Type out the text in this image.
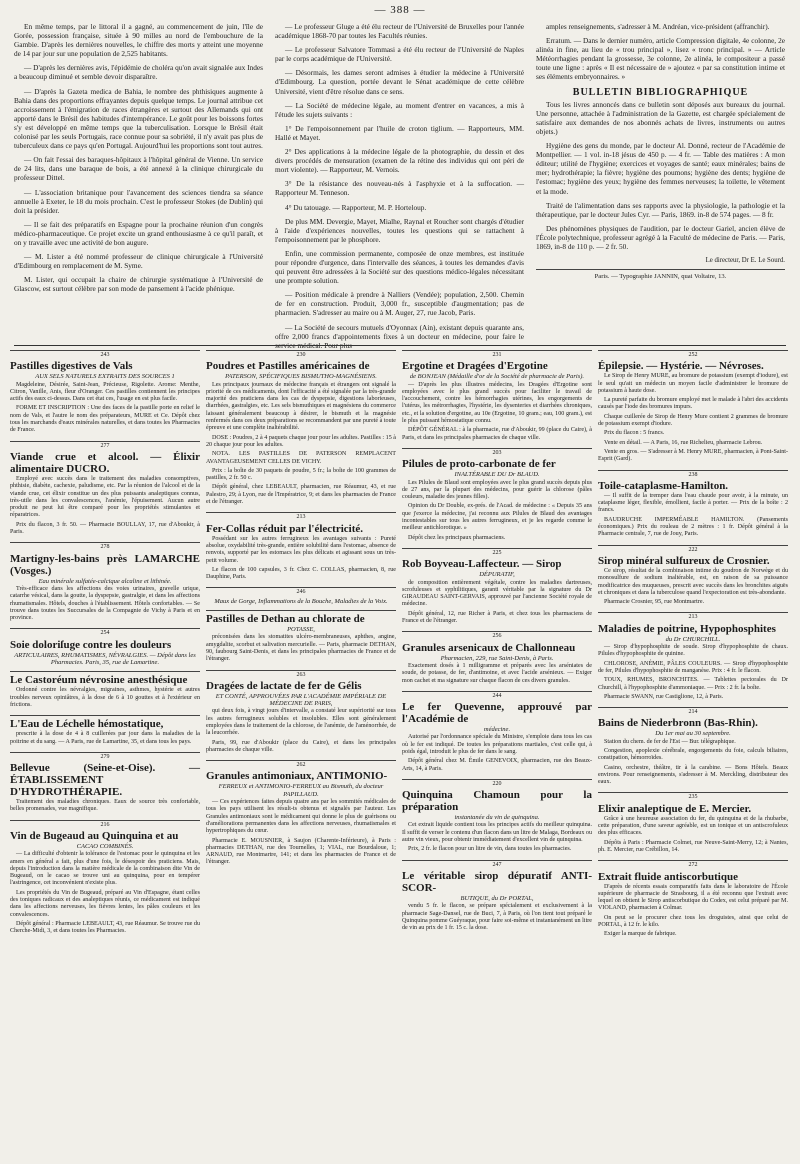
— 388 —

En même temps, par le littoral il a gagné, au commencement de juin, l'île de Gorée, possession française, située à 90 milles au nord de l'embouchure de la Gambie. D'après les dernières nouvelles, le chiffre des morts y atteint une moyenne de 14 par jour sur une population de 2,525 habitants.

— D'après les dernières avis, l'épidémie de choléra qu'on avait signalée aux Indes a beaucoup diminué et semble devoir disparaître.

— D'après la Gazeta medica de Bahia, le nombre des phthisiques augmente à Bahia dans des proportions effrayantes depuis quelque temps. Le journal attribue cet accroissement à l'émigration de races étrangères et surtout des Allemands qui ont apporté dans le Brésil des habitudes d'intempérance. Le goût pour les boissons fortes s'y est développé en même temps que la tuberculisation. Lorsque le Brésil était colonisé par les seuls Portugais, race connue pour sa sobriété, il n'y avait pas plus de tuberculeux dans ce pays qu'en Portugal. Aujourd'hui les proportions sont tout autres.

— On fait l'essai des baraques-hôpitaux à l'hôpital général de Vienne. Un service de 24 lits, dans une baraque de bois, a été annexé à la clinique chirurgicale du professeur Dittel.

— L'association britanique pour l'avancement des sciences tiendra sa séance annuelle à Exeter, le 18 du mois prochain. C'est le professeur Stokes (de Dublin) qui doit la présider.

— Il se fait des préparatifs en Espagne pour la prochaine réunion d'un congrès médico-pharmaceutique. Ce projet excite un grand enthousiasme à ce qu'il paraît, et on y travaille avec une activité de bon augure.

— M. Lister a été nommé professeur de clinique chirurgicale à l'Université d'Edimbourg en remplacement de M. Syme.

M. Lister, qui occupait la chaire de chirurgie systématique à l'Université de Glascow, est surtout célèbre par son mode de pansement à l'acide phénique.

— Le professeur Gluge a été élu recteur de l'Université de Bruxelles pour l'année académique 1868-70 par toutes les Facultés réunies.

— Le professeur Salvatore Tommasi a été élu recteur de l'Université de Naples par le corps académique de l'Université.

— Désormais, les dames seront admises à étudier la médecine à l'Université d'Edimbourg. La question, portée devant le Sénat académique de cette célèbre Université, vient d'être résolue dans ce sens.

— La Société de médecine légale, au moment d'entrer en vacances, a mis à l'étude les sujets suivants :

1° De l'empoisonnement par l'huile de croton tiglium. — Rapporteurs, MM. Hallé et Mayet.

2° Des applications à la médecine légale de la photographie, du dessin et des divers procédés de mensuration (examen de la rétine des individus qui ont péri de mort violente). — Rapporteur, M. Vernois.

3° De la résistance des nouveau-nés à l'asphyxie et à la suffocation. — Rapporteur M. Tenneson.

4° Du tatouage. — Rapporteur, M. P. Horteloup.

De plus MM. Devergie, Mayet, Mialhe, Raynal et Roucher sont chargés d'étudier à l'aide d'expériences nouvelles, toutes les questions qui se rattachent à l'empoisonnement par le phosphore.

Enfin, une commission permanente, composée de onze membres, est instituée pour répondre d'urgence, dans l'intervalle des séances, à toutes les demandes d'avis qui peuvent être adressées à la Société sur des questions médico-légales nécessitant une prompte solution.

— Position médicale à prendre à Nalliers (Vendée); population, 2,500. Chemin de fer en construction. Produit, 3,000 fr., susceptible d'augmentation; pas de pharmacien. S'adresser au maire ou à M. Auger, 27, rue Jacob, Paris.

— La Société de secours mutuels d'Oyonnax (Ain), existant depuis quarante ans, offre 2,000 francs d'appointements fixes à un docteur en médecine, pour faire le service médical. Pour plus

amples renseignements, s'adresser à M. Andréan, vice-président (affranchir).

Erratum. — Dans le dernier numéro, article Compression digitale, 4e colonne, 2e alinéa in fine, au lieu de « trou principal », lisez « tronc principal. » — Article Météorrhagies pendant la grossesse, 3e colonne, 2e alinéa, le compositeur a passé toute une ligne : après « Il est nécessaire de » ajoutez « par sa constitution intime et ses éléments embryonnaires. »

BULLETIN BIBLIOGRAPHIQUE

Tous les livres annoncés dans ce bulletin sont déposés aux bureaux du journal. Une personne, attachée à l'administration de la Gazette, est chargée spécialement de satisfaire aux demandes de nos abonnés achats de livres, instruments ou autres objets.)

Hygiène des gens du monde, par le docteur Al. Donné, recteur de l'Académie de Montpellier. — 1 vol. in-18 jésus de 450 p. — 4 fr. — Table des matières : A mon éditeur; utilité de l'hygiène; exercices et voyages de santé; eaux minérales; bains de mer; hydrothérapie; la fièvre; hygiène des poumons; hygiène des dents; hygiène de l'estomac; hygiène des yeux; hygiène des femmes nerveuses; la toilette, le vêtement et la mode.

Traité de l'alimentation dans ses rapports avec la physiologie, la pathologie et la thérapeutique, par le docteur Jules Cyr. — Paris, 1869. in-8 de 574 pages. — 8 fr.

Des phénomènes physiques de l'audition, par le docteur Gariel, ancien élève de l'École polytechnique, professeur agrégé à la Faculté de médecine de Paris. — Paris, 1869, in-8 de 110 p. — 2 fr. 50.

Le directeur, Dr E. Le Sourd.
Paris. — Typographie JANNIN, quai Voltaire, 13.
243
Pastilles digestives de Vals
AUX SELS NATURELS EXTRAITS DES SOURCES 1

Magdeleine, Désirée, Saint-Jean, Précieuse, Rigolette. Arome: Menthe, Citron, Vanille, Anis, fleur d'Oranger. Ces pastilles contiennent les principes actifs des eaux ci-dessus. Dans cet état ces, l'usage en est plus facile.

FORME ET INSCRIPTION : Une des faces de la pastille porte en relief le nom de Vals, et l'autre le nom des préparateurs, MURE et Ce. Dépôt chez tous les marchands d'eaux minérales naturelles, et dans toutes les Pharmacies de France.

277
Viande crue et alcool. — Élixir alimentaire DUCRO.

Employé avec succès dans le traitement des maladies consomptives, phthisie, diabète, cachexie, paludisme, etc. Par la réunion de l'alcool et de la viande crue, cet élixir constitue un des plus puissants analeptiques connus, très-utile dans les convalescences, l'anémie, l'épuisement. Aucun autre produit ne peut lui être comparé pour les propriétés stimulantes et réparatrices.

Prix du flacon, 3 fr. 50. — Pharmacie BOULLAY, 17, rue d'Aboukir, à Paris.

278
Martigny-les-bains près LAMARCHE (Vosges.)
Eau minérale sulfatée-calcique alcaline et lithinée.

Très-efficace dans les affections des voies urinaires, gravelle urique, catarrhe vésical, dans la goutte, la dyspepsie, gastralgie, et dans les affections rhumatismales. Hôtels, douches à l'établissement. Hôtels confortables. — Se trouve dans toutes les Succursales de la Compagnie de Vichy à Paris et en province.

254
Soie doloriſuge contre les douleurs
ARTICULAIRES, RHUMATISMES, NÉVRALGIES. — Dépôt dans les Pharmacies. Paris, 35, rue de Lamartine.
Le Castoréum névrosine anesthésique

Ordonné contre les névralgies, migraines, asthmes, hystérie et autres troubles nerveux opiniâtres, à la dose de 6 à 10 gouttes et à l'extérieur en frictions.

L'Eau de Léchelle hémostatique,

prescrite à la dose de 4 à 8 cuillerées par jour dans la maladies de la poitrine et du sang. — A Paris, rue de Lamartine, 35, et dans tous les pays.

279
Bellevue (Seine-et-Oise). — ÉTABLISSEMENT D'HYDROTHÉRAPIE.

Traitement des maladies chroniques. Eaux de source très confortable, belles promenades, vue magnifique.

216
Vin de Bugeaud au Quinquina et au
CACAO COMBINÉS.

— La difficulté d'obtenir la tolérance de l'estomac pour le quinquina et les amers en général a fait, plus d'une fois, le désespoir des praticiens. Mais, depuis l'introduction dans la matière médicale de la combinaison dite Vin de Bugeaud, on le cacao se trouve uni au quinquina, pour en tempérer l'astringence, cet inconvénient n'existe plus.

Les propriétés du Vin de Bugeaud, préparé au Vin d'Espagne, étant celles des toniques radicaux et des analeptiques réunis, ce médicament est indiqué dans les affections nerveuses, les fièvres lentes, les pâles couleurs et les convalescences.

Dépôt général : Pharmacie LEBEAULT, 43, rue Réaumur. Se trouve rue du Cherche-Midi, 3, et dans toutes les Pharmacies.

230
Poudres et Pastilles américaines de
PATERSON, SPÉCIFIQUES BISMUTHO-MAGNÉSIENS.

Les principaux journaux de médecine français et étrangers ont signalé la priorité de ces médicaments, dont l'efficacité a été signalée par la très-grande majorité des praticiens dans les cas de dyspepsie, digestions laborieuses, diarrhées, gastralgies, etc. Les sels bismuthiques et magnésiens du commerce laissant généralement beaucoup à désirer, le bismuth et la magnésie renfermés dans ces deux préparations se recommandent par une pureté à toute épreuve et une complète inaltérabilité.

DOSE : Poudres, 2 à 4 paquets chaque jour pour les adultes. Pastilles : 15 à 20 chaque jour pour les adultes.

NOTA. LES PASTILLES DE PATERSON REMPLACENT AVANTAGEUSEMENT CELLES DE VICHY.

Prix : la boîte de 30 paquets de poudre, 5 fr.; la boîte de 100 grammes de pastilles, 2 fr. 50 c.

Dépôt général, chez LEBEAULT, pharmacien, rue Réaumur, 43, et rue Palestro, 29; à Lyon, rue de l'Impératrice, 9; et dans les pharmacies de France et de l'étranger.

213
Fer-Collas réduit par l'électricité.

Possédant sur les autres ferrugineux les avantages suivants : Pureté absolue, oxydabilité très-grande, entière solubilité dans l'estomac, absence de renvois, supporté par les estomacs les plus délicats et agissant sous un très-petit volume.

Le flacon de 100 capsules, 3 fr. Chez C. COLLAS, pharmacien, 8, rue Dauphine, Paris.

246
Maux de Gorge, Inflammations de la Bouche, Maladies de la Voix.
Pastilles de Dethan au chlorate de
POTASSE,

préconisées dans les stomatites ulcéro-membraneuses, aphthes, angine, amygdalite, scorbut et salivation mercurielle. — Paris, pharmacie DETHAN, 90, faubourg Saint-Denis, et dans les principales pharmacies de France et de l'étranger.

263
Dragées de lactate de fer de Gélis
ET CONTÉ, APPROUVÉES PAR L'ACADÉMIE IMPÉRIALE DE MÉDECINE DE PARIS,

qui deux fois, à vingt jours d'intervalle, a constaté leur supériorité sur tous les autres ferrugineux solubles et insolubles. Elles sont généralement employées dans le traitement de la chlorose, de l'anémie, de l'aménorrhée, de la leucorrhée.

Paris, 99, rue d'Aboukir (place du Caire), et dans les principales pharmacies de chaque ville.

262
Granules antimoniaux, ANTIMONIO-
FERREUX et ANTIMONIO-FERREUX au Bismuth, du docteur PAPILLAUD.

— Ces expériences faites depuis quatre ans par les sommités médicales de tous les pays utilisent les résult-ts obtenus et signalés par l'auteur. Les Granules antimoniaux sont le médicament qui donne le plus de guérisons ou d'améliorations permanentes dans les affections nerveuses, rhumatismales et hypertrophiques du cœur.

Pharmacie E. MOUSNIER, à Saujon (Charente-Inférieure), à Paris : pharmacies DETHAN, rue des Tournelles, 1; VIAL, rue Bourdaloue, 1; ARNAUD, rue Montmartre, 141; et dans les pharmacies de France et de l'étranger.

231
Ergotine et Dragées d'Ergotine
de BONJEAN (Médaille d'or de la Société de pharmacie de Paris).

— D'après les plus illustres médecins, les Dragées d'Ergotine sont employées avec le plus grand succès pour faciliter le travail de l'accouchement, contre les hémorrhagies utérines, les engorgements de l'utérus, les métrorrhagies, l'hystérie, les dysenteries et diarrhées chroniques, etc., et la solution d'ergotine, au 10e (Ergotine, 10 gram.; eau, 100 gram.), est le plus puissant hémostatique connu.

DÉPÔT GÉNÉRAL : à la pharmacie, rue d'Aboukir, 99 (place du Caire), à Paris, et dans les principales pharmacies de chaque ville.

203
Pilules de proto-carbonate de fer
INALTÉRABLE DU Dr BLAUD.

Les Pilules de Blaud sont employées avec le plus grand succès depuis plus de 27 ans, par la plupart des médecins, pour guérir la chlorose (pâles couleurs, maladie des jeunes filles).

Opinion du Dr Double, ex-prés. de l'Acad. de médecine : « Depuis 35 ans que j'exerce la médecine, j'ai reconnu aux Pilules de Blaud des avantages incontestables sur tous les autres ferrugineux, et je les regarde comme le meilleur antichlorotique. »

Dépôt chez les principaux pharmaciens.

225
Rob Boyveau-Laffecteur. — Sirop
DÉPURATIF,

de composition entièrement végétale, contre les maladies dartreuses, scrofuleuses et syphilitiques, garanti véritable par la signature du Dr GIRAUDEAU SAINT-GERVAIS, approuvé par l'ancienne Société royale de médecine.

Dépôt général, 12, rue Richer à Paris, et chez tous les pharmaciens de France et de l'étranger.

256
Granules arsenicaux de Challonneau
Pharmacien, 229, rue Saint-Denis, à Paris.

Exactement dosés à 1 milligramme et préparés avec les arséniates de soude, de potasse, de fer, d'antimoine, et avec l'acide arsénieux. — Exiger mon cachet et ma signature sur chaque flacon de ces divers granules.

244
Le fer Quevenne, approuvé par l'Académie de
médecine.

Autorisé par l'ordonnance spéciale du Ministre, s'emploie dans tous les cas où le fer est indiqué. De toutes les préparations martiales, c'est celle qui, à poids égal, introduit le plus de fer dans le sang.

Dépôt général chez M. Émile GENEVOIX, pharmacien, rue des Beaux-Arts, 14, à Paris.

220
Quinquina Chamoun pour la préparation
instantanée du vin de quinquina.

Cet extrait liquide contient tous les principes actifs du meilleur quinquina. Il suffit de verser le contenu d'un flacon dans un litre de Malaga, Bordeaux ou autre vin vieux, pour obtenir immédiatement d'excellent vin de quinquina.

Prix, 2 fr. le flacon pour un litre de vin, dans toutes les pharmacies.

247
Le véritable sirop dépuratif ANTI-SCOR-
BUTIQUE, du Dr PORTAL,

vendu 5 fr. le flacon, se prépare spécialement et exclusivement à la pharmacie Sage-Dansel, rue de Buci, 7, à Paris, où l'on tient tout préparé le Quinquina pomme Guéyraque, pour faire soi-même et instantanément un litre de vin au prix de 1 fr. 15 c. la dose.

252
Épilepsie. — Hystérie. — Névroses.

Le Sirop de Henry MURE, au bromure de potassium (exempt d'iodure), est le seul qu'ait un médecin un moyen facile d'administrer le bromure de potassium à haute dose.

La pureté parfaite du bromure employé met le malade à l'abri des accidents causés par l'iode des bromures impurs.

Chaque cuillerée de Sirop de Henry Mure contient 2 grammes de bromure de potassium exempt d'iodure.

Prix du flacon : 5 francs.

Vente en détail. — A Paris, 16, rue Richelieu, pharmacie Lebrou.

Vente en gros. — S'adresser à M. Henry MURE, pharmacien, à Pont-Saint-Esprit (Gard).

238
Toile-cataplasme-Hamilton.

— Il suffit de la tremper dans l'eau chaude pour avoir, à la minute, un cataplasme léger, flexible, émollient, facile à porter. — Prix de la boîte : 2 francs.

BAUDRUCHE IMPERMÉABLE HAMILTON. (Pansements économiques.) Prix du rouleau de 2 mètres : 1 fr. Dépôt général à la Pharmacie centrale, 7, rue de Jouy, Paris.

222
Sirop minéral sulfureux de Crosnier.

Ce sirop, résultat de la combinaison intime du goudron de Norwège et du monosulfure de sodium inaltérable, est, en raison de sa puissance modificatrice des muqueuses, prescrit avec succès dans les bronchites aiguës et chroniques et dans la tuberculose quand l'expectoration est très-abondante.

Pharmacie Crosnier, 95, rue Montmartre.

213
Maladies de poitrine, Hypophosphites
du Dr CHURCHILL.

— Sirop d'hypophosphite de soude. Sirop d'hypophosphite de chaux. Pilules d'hypophosphite de quinine.

CHLOROSE, ANÉMIE, PÂLES COULEURS. — Sirop d'hypophosphite de fer, Pilules d'hypophosphite de manganèse. Prix : 4 fr. le flacon.

TOUX, RHUMES, BRONCHITES. — Tablettes pectorales du Dr Churchill, à l'hypophosphite d'ammoniaque. — Prix : 2 fr. la boîte.

Pharmacie SWANN, rue Castiglione, 12, à Paris.

214
Bains de Niederbronn (Bas-Rhin).
Du 1er mai au 30 septembre.

Station du chem. de fer de l'Est — Bur. télégraphique.

Congestion, apoplexie cérébrale, engorgements du foie, calculs biliaires, constipation, hémorroïdes.

Casino, orchestre, théâtre, tir à la carabine. — Bons Hôtels. Beaux environs. Pour renseignements, s'adresser à M. Merckling, distributeur des eaux.

235
Elixir analeptique de E. Mercier.

Grâce à une heureuse association du fer, du quinquina et de la rhubarbe, cette préparation, d'une saveur agréable, est un tonique et un antiscrofuleux des plus efficaces.

Dépôts à Paris : Pharmacie Colmet, rue Neuve-Saint-Merry, 12; à Nantes, ph. E. Mercier, rue Crébillon, 14.

272
Extrait fluide antiscorbutique

D'après de récents essais comparatifs faits dans le laboratoire de l'École supérieure de pharmacie de Strasbourg, il a été reconnu que l'extrait avec lequel on obtient le Sirop antiscorbutique du Codex, est celui préparé par M. VIOLAND, pharmacien à Colmar.

On peut se le procurer chez tous les droguistes, ainsi que celui de PORTAL, à 12 fr. le kilo.

Exiger la marque de fabrique.
